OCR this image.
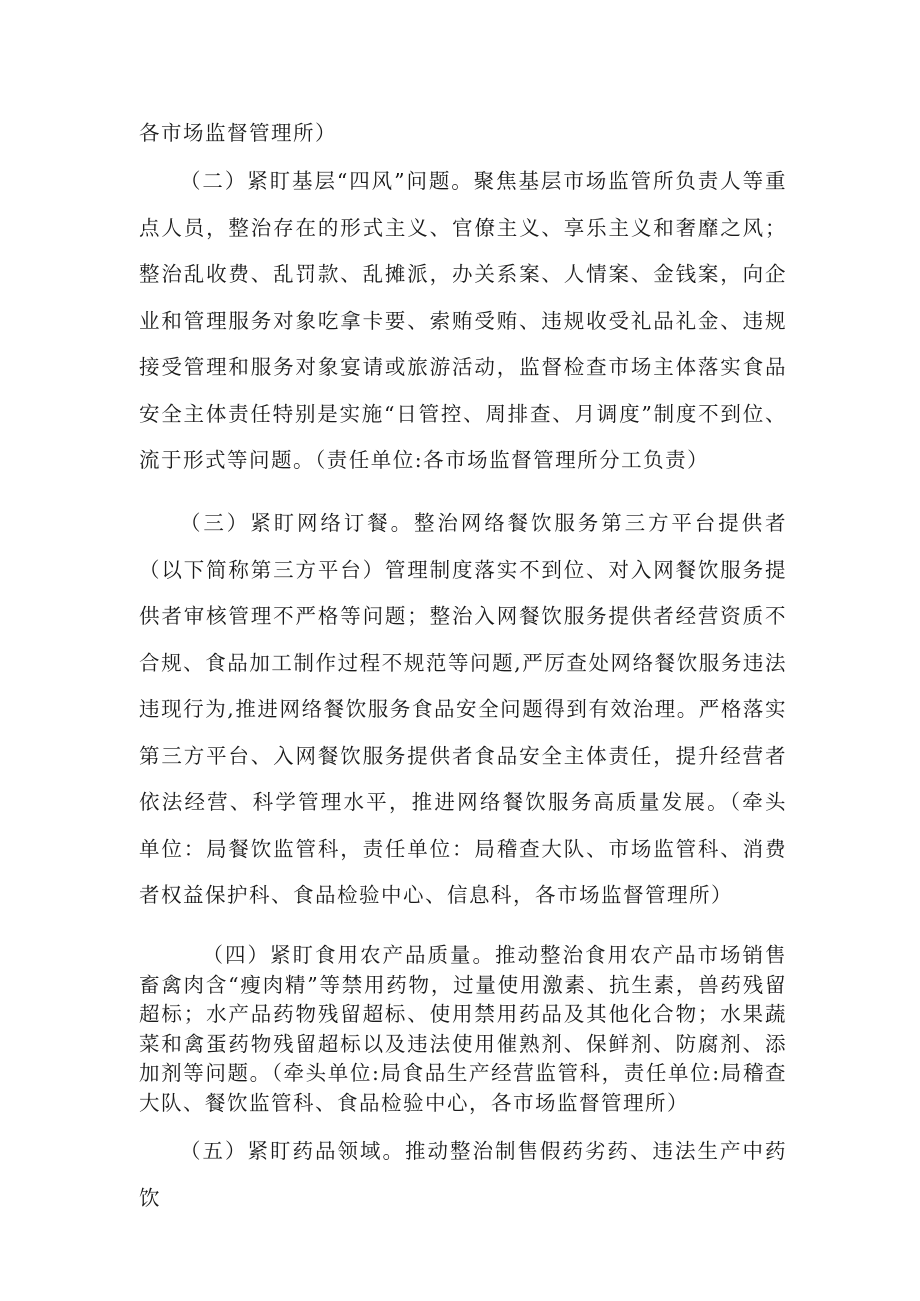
各市场监督管理所）

（二）紧盯基层“四风”问题。聚焦基层市场监管所负责人等重点人员，整治存在的形式主义、官僚主义、享乐主义和奢靡之风；整治乱收费、乱罚款、乱摊派，办关系案、人情案、金钱案，向企业和管理服务对象吃拿卡要、索贿受贿、违规收受礼品礼金、违规接受管理和服务对象宴请或旅游活动，监督检查市场主体落实食品安全主体责任特别是实施“日管控、周排查、月调度”制度不到位、流于形式等问题。（责任单位:各市场监督管理所分工负责）

（三）紧盯网络订餐。整治网络餐饮服务第三方平台提供者（以下简称第三方平台）管理制度落实不到位、对入网餐饮服务提供者审核管理不严格等问题；整治入网餐饮服务提供者经营资质不合规、食品加工制作过程不规范等问题,严厉查处网络餐饮服务违法违现行为,推进网络餐饮服务食品安全问题得到有效治理。严格落实第三方平台、入网餐饮服务提供者食品安全主体责任，提升经营者依法经营、科学管理水平，推进网络餐饮服务高质量发展。（牵头单位：局餐饮监管科，责任单位：局稽查大队、市场监管科、消费者权益保护科、食品检验中心、信息科，各市场监督管理所）

（四）紧盯食用农产品质量。推动整治食用农产品市场销售畜禽肉含“瘦肉精”等禁用药物，过量使用激素、抗生素，兽药残留超标；水产品药物残留超标、使用禁用药品及其他化合物；水果蔬菜和禽蛋药物残留超标以及违法使用催熟剂、保鲜剂、防腐剂、添加剂等问题。（牵头单位:局食品生产经营监管科，责任单位:局稽查大队、餐饮监管科、食品检验中心，各市场监督管理所）

（五）紧盯药品领域。推动整治制售假药劣药、违法生产中药饮
